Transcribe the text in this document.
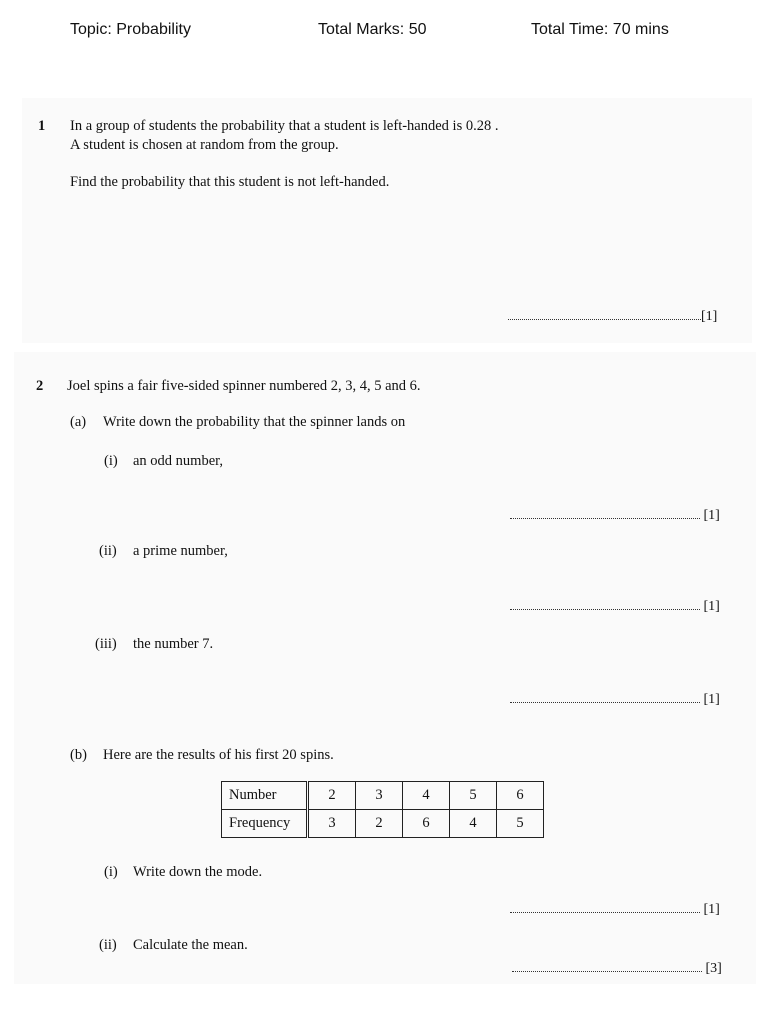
Topic: Probability	Total Marks: 50	Total Time: 70 mins
1 In a group of students the probability that a student is left-handed is 0.28 .
A student is chosen at random from the group.
Find the probability that this student is not left-handed.
[1]
2 Joel spins a fair five-sided spinner numbered 2, 3, 4, 5 and 6.
(a) Write down the probability that the spinner lands on
(i) an odd number,
[1]
(ii) a prime number,
[1]
(iii) the number 7.
[1]
(b) Here are the results of his first 20 spins.
Number	2	3	4	5	6
Frequency	3	2	6	4	5
(i) Write down the mode.
[1]
(ii) Calculate the mean.
[3]
